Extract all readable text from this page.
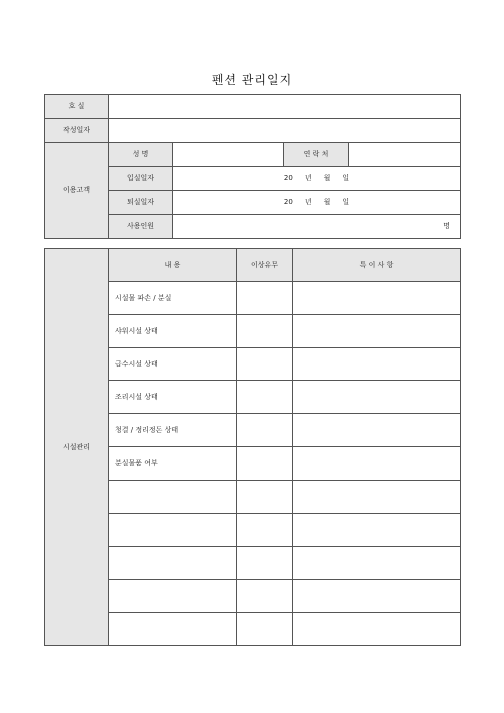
펜션 관리일지
호 실				
작성일자				
이용고객	성 명		연 락 처	
	입실일자	20 년 월 일		
	퇴실일자	20 년 월 일		
	사용인원	명		
시설관리	내 용	이상유무	특 이 사 항
	시설물 파손 / 분실		
	샤워시설 상태		
	급수시설 상태		
	조리시설 상태		
	청결 / 정리정돈 상태		
	분실물품 여부		
